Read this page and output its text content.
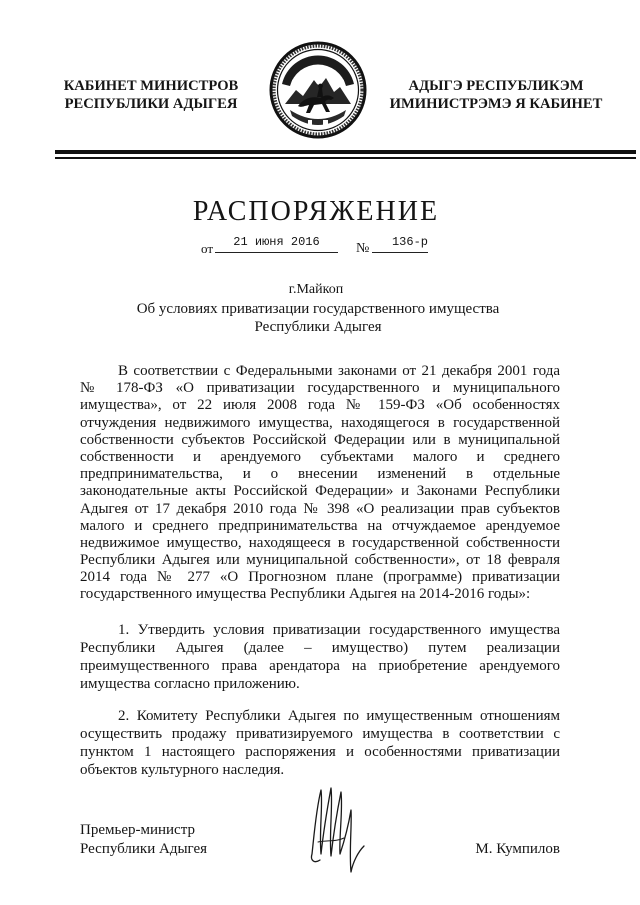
КАБИНЕТ МИНИСТРОВ
РЕСПУБЛИКИ АДЫГЕЯ
АДЫГЭ РЕСПУБЛИКЭМ
ИМИНИСТРЭМЭ Я КАБИНЕТ
РАСПОРЯЖЕНИЕ
от	21 июня 2016	№	136-р
г.Майкоп
Об условиях приватизации государственного имущества
Республики Адыгея
В соответствии с Федеральными законами от 21 декабря 2001 года
№ 178-ФЗ «О приватизации государственного и муниципального
имущества», от 22 июля 2008 года № 159-ФЗ «Об особенностях
отчуждения недвижимого имущества, находящегося в государственной
собственности субъектов Российской Федерации или в муниципальной
собственности и арендуемого субъектами малого и среднего
предпринимательства, и о внесении изменений в отдельные
законодательные акты Российской Федерации» и Законами Республики
Адыгея от 17 декабря 2010 года № 398 «О реализации прав субъектов
малого и среднего предпринимательства на отчуждаемое арендуемое
недвижимое имущество, находящееся в государственной собственности
Республики Адыгея или муниципальной собственности», от 18 февраля
2014 года № 277 «О Прогнозном плане (программе) приватизации
государственного имущества Республики Адыгея на 2014-2016 годы»:
1. Утвердить условия приватизации государственного имущества
Республики Адыгея (далее – имущество) путем реализации
преимущественного права арендатора на приобретение арендуемого
имущества согласно приложению.
2. Комитету Республики Адыгея по имущественным отношениям
осуществить продажу приватизируемого имущества в соответствии с
пунктом 1 настоящего распоряжения и особенностями приватизации
объектов культурного наследия.
Премьер-министр
Республики Адыгея	М. Кумпилов
